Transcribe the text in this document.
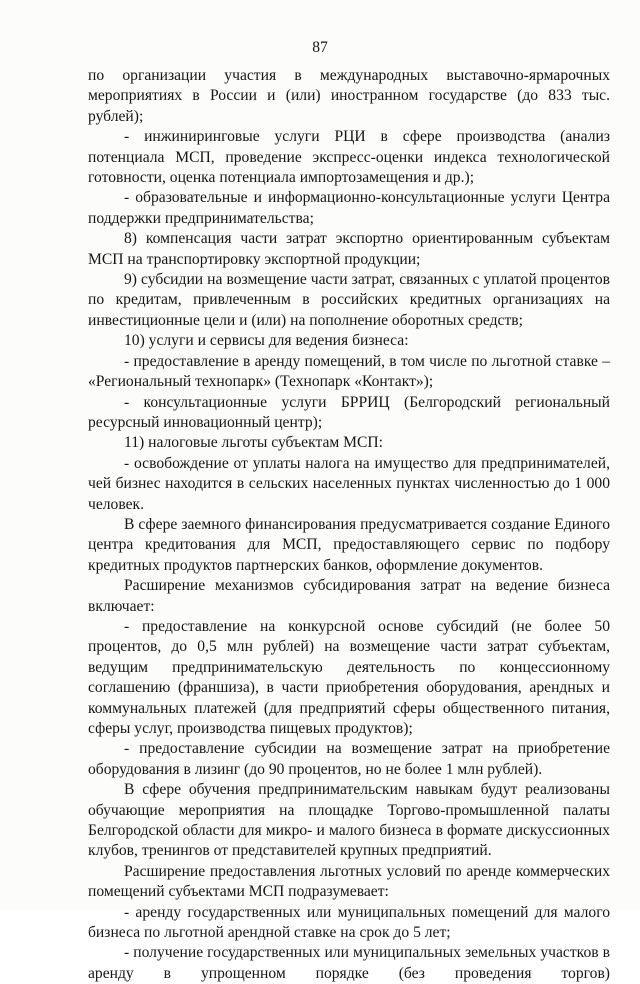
87

по организации участия в международных выставочно-ярмарочных мероприятиях в России и (или) иностранном государстве (до 833 тыс. рублей);

- инжиниринговые услуги РЦИ в сфере производства (анализ потенциала МСП, проведение экспресс-оценки индекса технологической готовности, оценка потенциала импортозамещения и др.);

- образовательные и информационно-консультационные услуги Центра поддержки предпринимательства;

8) компенсация части затрат экспортно ориентированным субъектам МСП на транспортировку экспортной продукции;

9) субсидии на возмещение части затрат, связанных с уплатой процентов по кредитам, привлеченным в российских кредитных организациях на инвестиционные цели и (или) на пополнение оборотных средств;

10) услуги и сервисы для ведения бизнеса:

- предоставление в аренду помещений, в том числе по льготной ставке – «Региональный технопарк» (Технопарк «Контакт»);

- консультационные услуги БРРИЦ (Белгородский региональный ресурсный инновационный центр);

11) налоговые льготы субъектам МСП:

- освобождение от уплаты налога на имущество для предпринимателей, чей бизнес находится в сельских населенных пунктах численностью до 1 000 человек.

В сфере заемного финансирования предусматривается создание Единого центра кредитования для МСП, предоставляющего сервис по подбору кредитных продуктов партнерских банков, оформление документов.

Расширение механизмов субсидирования затрат на ведение бизнеса включает:

- предоставление на конкурсной основе субсидий (не более 50 процентов, до 0,5 млн рублей) на возмещение части затрат субъектам, ведущим предпринимательскую деятельность по концессионному соглашению (франшиза), в части приобретения оборудования, арендных и коммунальных платежей (для предприятий сферы общественного питания, сферы услуг, производства пищевых продуктов);

- предоставление субсидии на возмещение затрат на приобретение оборудования в лизинг (до 90 процентов, но не более 1 млн рублей).

В сфере обучения предпринимательским навыкам будут реализованы обучающие мероприятия на площадке Торгово-промышленной палаты Белгородской области для микро- и малого бизнеса в формате дискуссионных клубов, тренингов от представителей крупных предприятий.

Расширение предоставления льготных условий по аренде коммерческих помещений субъектами МСП подразумевает:

- аренду государственных или муниципальных помещений для малого бизнеса по льготной арендной ставке на срок до 5 лет;

- получение государственных или муниципальных земельных участков в аренду в упрощенном порядке (без проведения торгов)
